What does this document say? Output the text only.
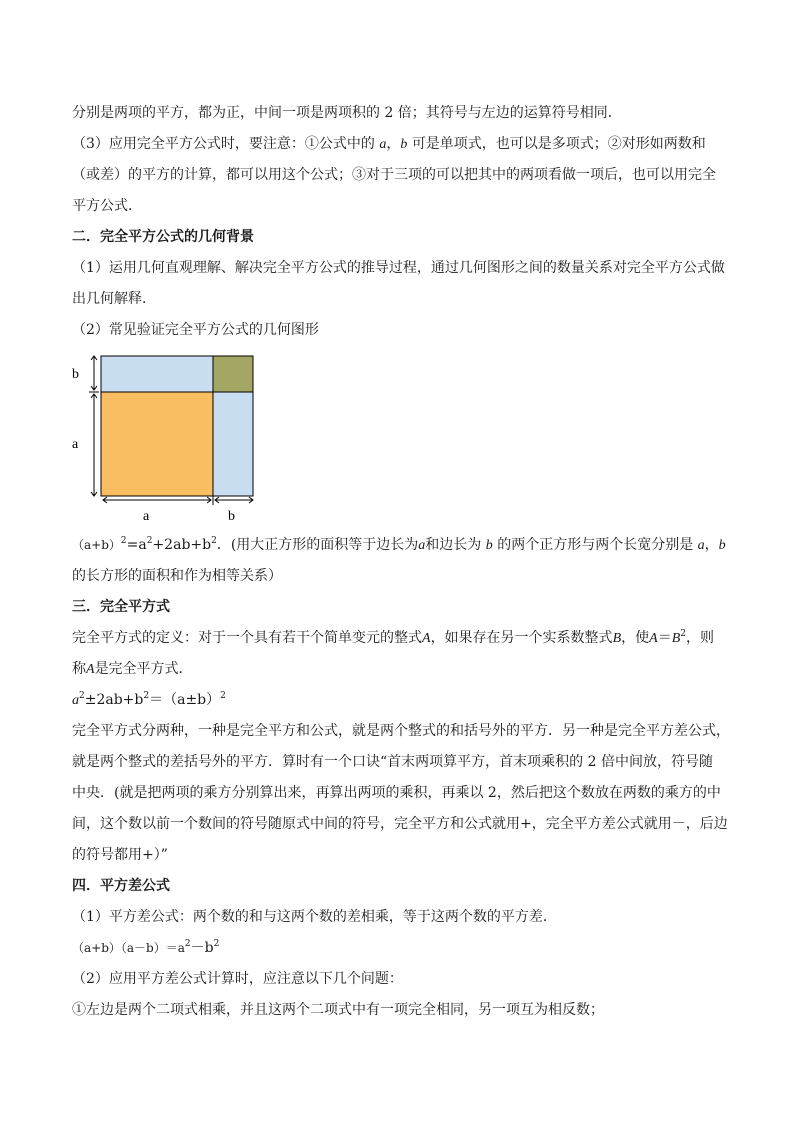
分别是两项的平方，都为正，中间一项是两项积的 2 倍；其符号与左边的运算符号相同．

（3）应用完全平方公式时，要注意：①公式中的 a，b 可是单项式，也可以是多项式；②对形如两数和

（或差）的平方的计算，都可以用这个公式；③对于三项的可以把其中的两项看做一项后，也可以用完全

平方公式．

二．完全平方公式的几何背景

（1）运用几何直观理解、解决完全平方公式的推导过程，通过几何图形之间的数量关系对完全平方公式做

出几何解释．

（2）常见验证完全平方公式的几何图形

b
a
a	b

$(a+b)^2=a^2+2ab+b^2$．(用大正方形的面积等于边长为a和边长为 b 的两个正方形与两个长宽分别是 a，b

的长方形的面积和作为相等关系）

三．完全平方式

完全平方式的定义：对于一个具有若干个简单变元的整式A，如果存在另一个实系数整式B，使$A=B^2$，则

称A是完全平方式．

$a^2\pm 2ab+b^2=(a\pm b)^2$

完全平方式分两种，一种是完全平方和公式，就是两个整式的和括号外的平方．另一种是完全平方差公式，

就是两个整式的差括号外的平方．算时有一个口诀“首末两项算平方，首末项乘积的 2 倍中间放，符号随

中央．(就是把两项的乘方分别算出来，再算出两项的乘积，再乘以 2，然后把这个数放在两数的乘方的中

间，这个数以前一个数间的符号随原式中间的符号，完全平方和公式就用+，完全平方差公式就用－，后边

的符号都用+）”

四．平方差公式

（1）平方差公式：两个数的和与这两个数的差相乘，等于这两个数的平方差．

$(a+b)(a-b)=a^2-b^2$

（2）应用平方差公式计算时，应注意以下几个问题：

①左边是两个二项式相乘，并且这两个二项式中有一项完全相同，另一项互为相反数；
